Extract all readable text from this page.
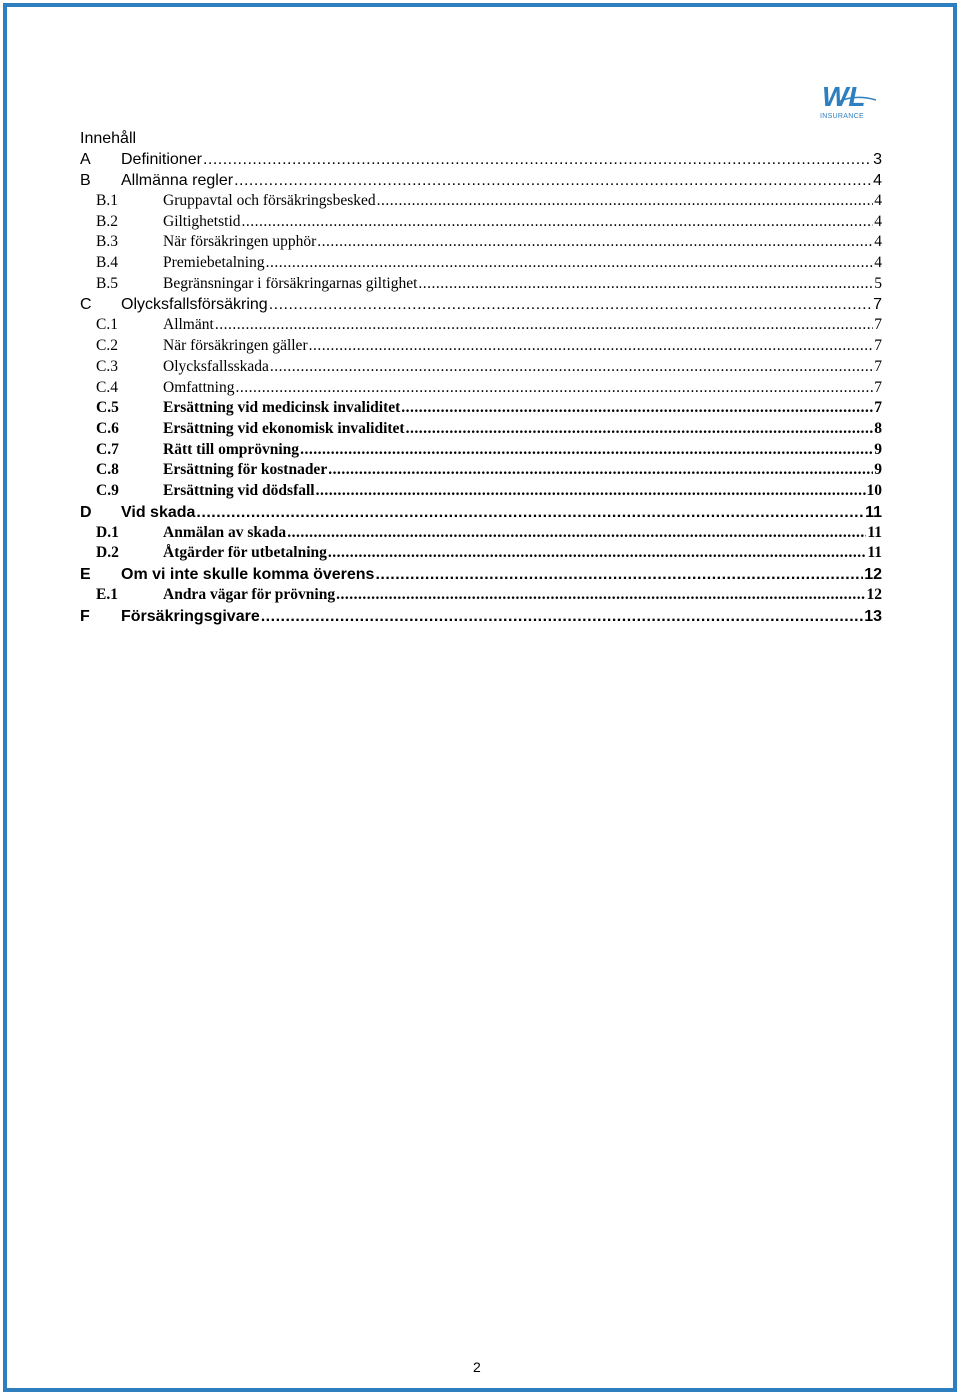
WL
INSURANCE
Innehåll
A	Definitioner .....	3
B	Allmänna regler .....	4
B.1	Gruppavtal och försäkringsbesked .....	4
B.2	Giltighetstid .....	4
B.3	När försäkringen upphör .....	4
B.4	Premiebetalning .....	4
B.5	Begränsningar i försäkringarnas giltighet .....	5
C	Olycksfallsförsäkring .....	7
C.1	Allmänt .....	7
C.2	När försäkringen gäller .....	7
C.3	Olycksfallsskada .....	7
C.4	Omfattning .....	7
C.5	Ersättning vid medicinsk invaliditet .....	7
C.6	Ersättning vid ekonomisk invaliditet .....	8
C.7	Rätt till omprövning .....	9
C.8	Ersättning för kostnader .....	9
C.9	Ersättning vid dödsfall .....	10
D	Vid skada .....	11
D.1	Anmälan av skada .....	11
D.2	Åtgärder för utbetalning .....	11
E	Om vi inte skulle komma överens .....	12
E.1	Andra vägar för prövning .....	12
F	Försäkringsgivare .....	13
2
